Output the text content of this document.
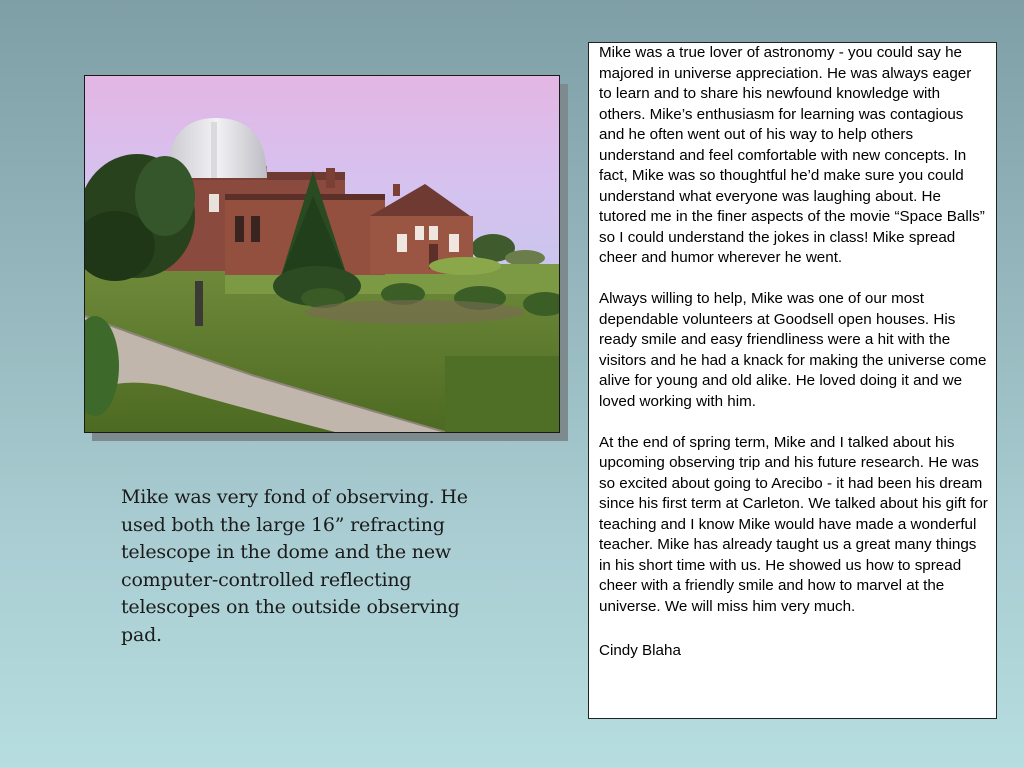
Mike was very fond of observing. He used both the large 16” refracting telescope in the dome and the new computer-controlled reflecting telescopes on the outside observing pad.

Mike was a true lover of astronomy - you could say he majored in universe appreciation. He was always eager to learn and to share his newfound knowledge with others. Mike’s enthusiasm for learning was contagious and he often went out of his way to help others understand and feel comfortable with new concepts. In fact, Mike was so thoughtful he’d make sure you could understand what everyone was laughing about. He tutored me in the finer aspects of the movie “Space Balls” so I could understand the jokes in class! Mike spread cheer and humor wherever he went.

Always willing to help, Mike was one of our most dependable volunteers at Goodsell open houses. His ready smile and easy friendliness were a hit with the visitors and he had a knack for making the universe come alive for young and old alike. He loved doing it and we loved working with him.

At the end of spring term, Mike and I talked about his upcoming observing trip and his future research. He was so excited about going to Arecibo - it had been his dream since his first term at Carleton. We talked about his gift for teaching and I know Mike would have made a wonderful teacher. Mike has already taught us a great many things in his short time with us. He showed us how to spread cheer with a friendly smile and how to marvel at the universe. We will miss him very much.

Cindy Blaha
